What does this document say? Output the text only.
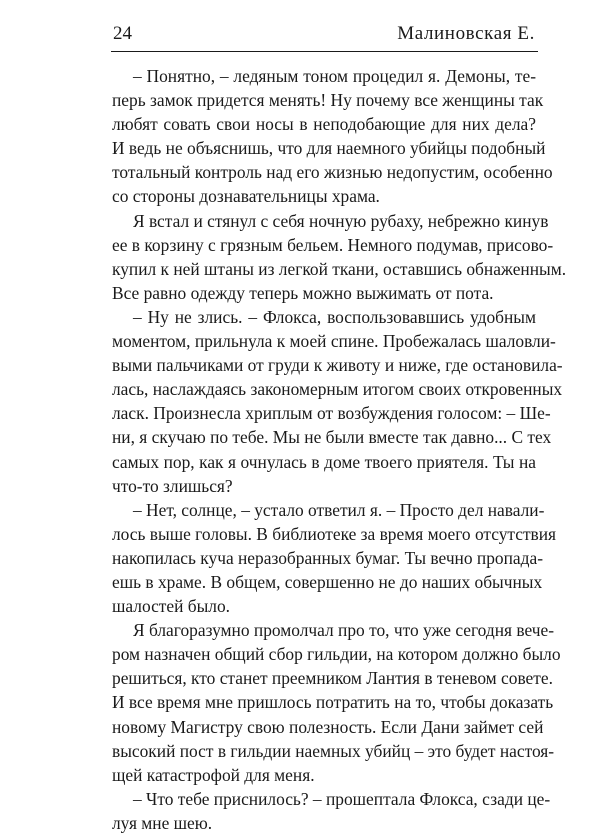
24	Малиновская Е.
– Понятно, – ледяным тоном процедил я. Демоны, те-
перь замок придется менять! Ну почему все женщины так
любят совать свои носы в неподобающие для них дела?
И ведь не объяснишь, что для наемного убийцы подобный
тотальный контроль над его жизнью недопустим, особенно
со стороны дознавательницы храма.
Я встал и стянул с себя ночную рубаху, небрежно кинув
ее в корзину с грязным бельем. Немного подумав, присово-
купил к ней штаны из легкой ткани, оставшись обнаженным.
Все равно одежду теперь можно выжимать от пота.
– Ну не злись. – Флокса, воспользовавшись удобным
моментом, прильнула к моей спине. Пробежалась шаловли-
выми пальчиками от груди к животу и ниже, где остановила-
лась, наслаждаясь закономерным итогом своих откровенных
ласк. Произнесла хриплым от возбуждения голосом: – Ше-
ни, я скучаю по тебе. Мы не были вместе так давно... С тех
самых пор, как я очнулась в доме твоего приятеля. Ты на
что-то злишься?
– Нет, солнце, – устало ответил я. – Просто дел навали-
лось выше головы. В библиотеке за время моего отсутствия
накопилась куча неразобранных бумаг. Ты вечно пропада-
ешь в храме. В общем, совершенно не до наших обычных
шалостей было.
Я благоразумно промолчал про то, что уже сегодня вече-
ром назначен общий сбор гильдии, на котором должно было
решиться, кто станет преемником Лантия в теневом совете.
И все время мне пришлось потратить на то, чтобы доказать
новому Магистру свою полезность. Если Дани займет сей
высокий пост в гильдии наемных убийц – это будет настоя-
щей катастрофой для меня.
– Что тебе приснилось? – прошептала Флокса, сзади це-
луя мне шею.
